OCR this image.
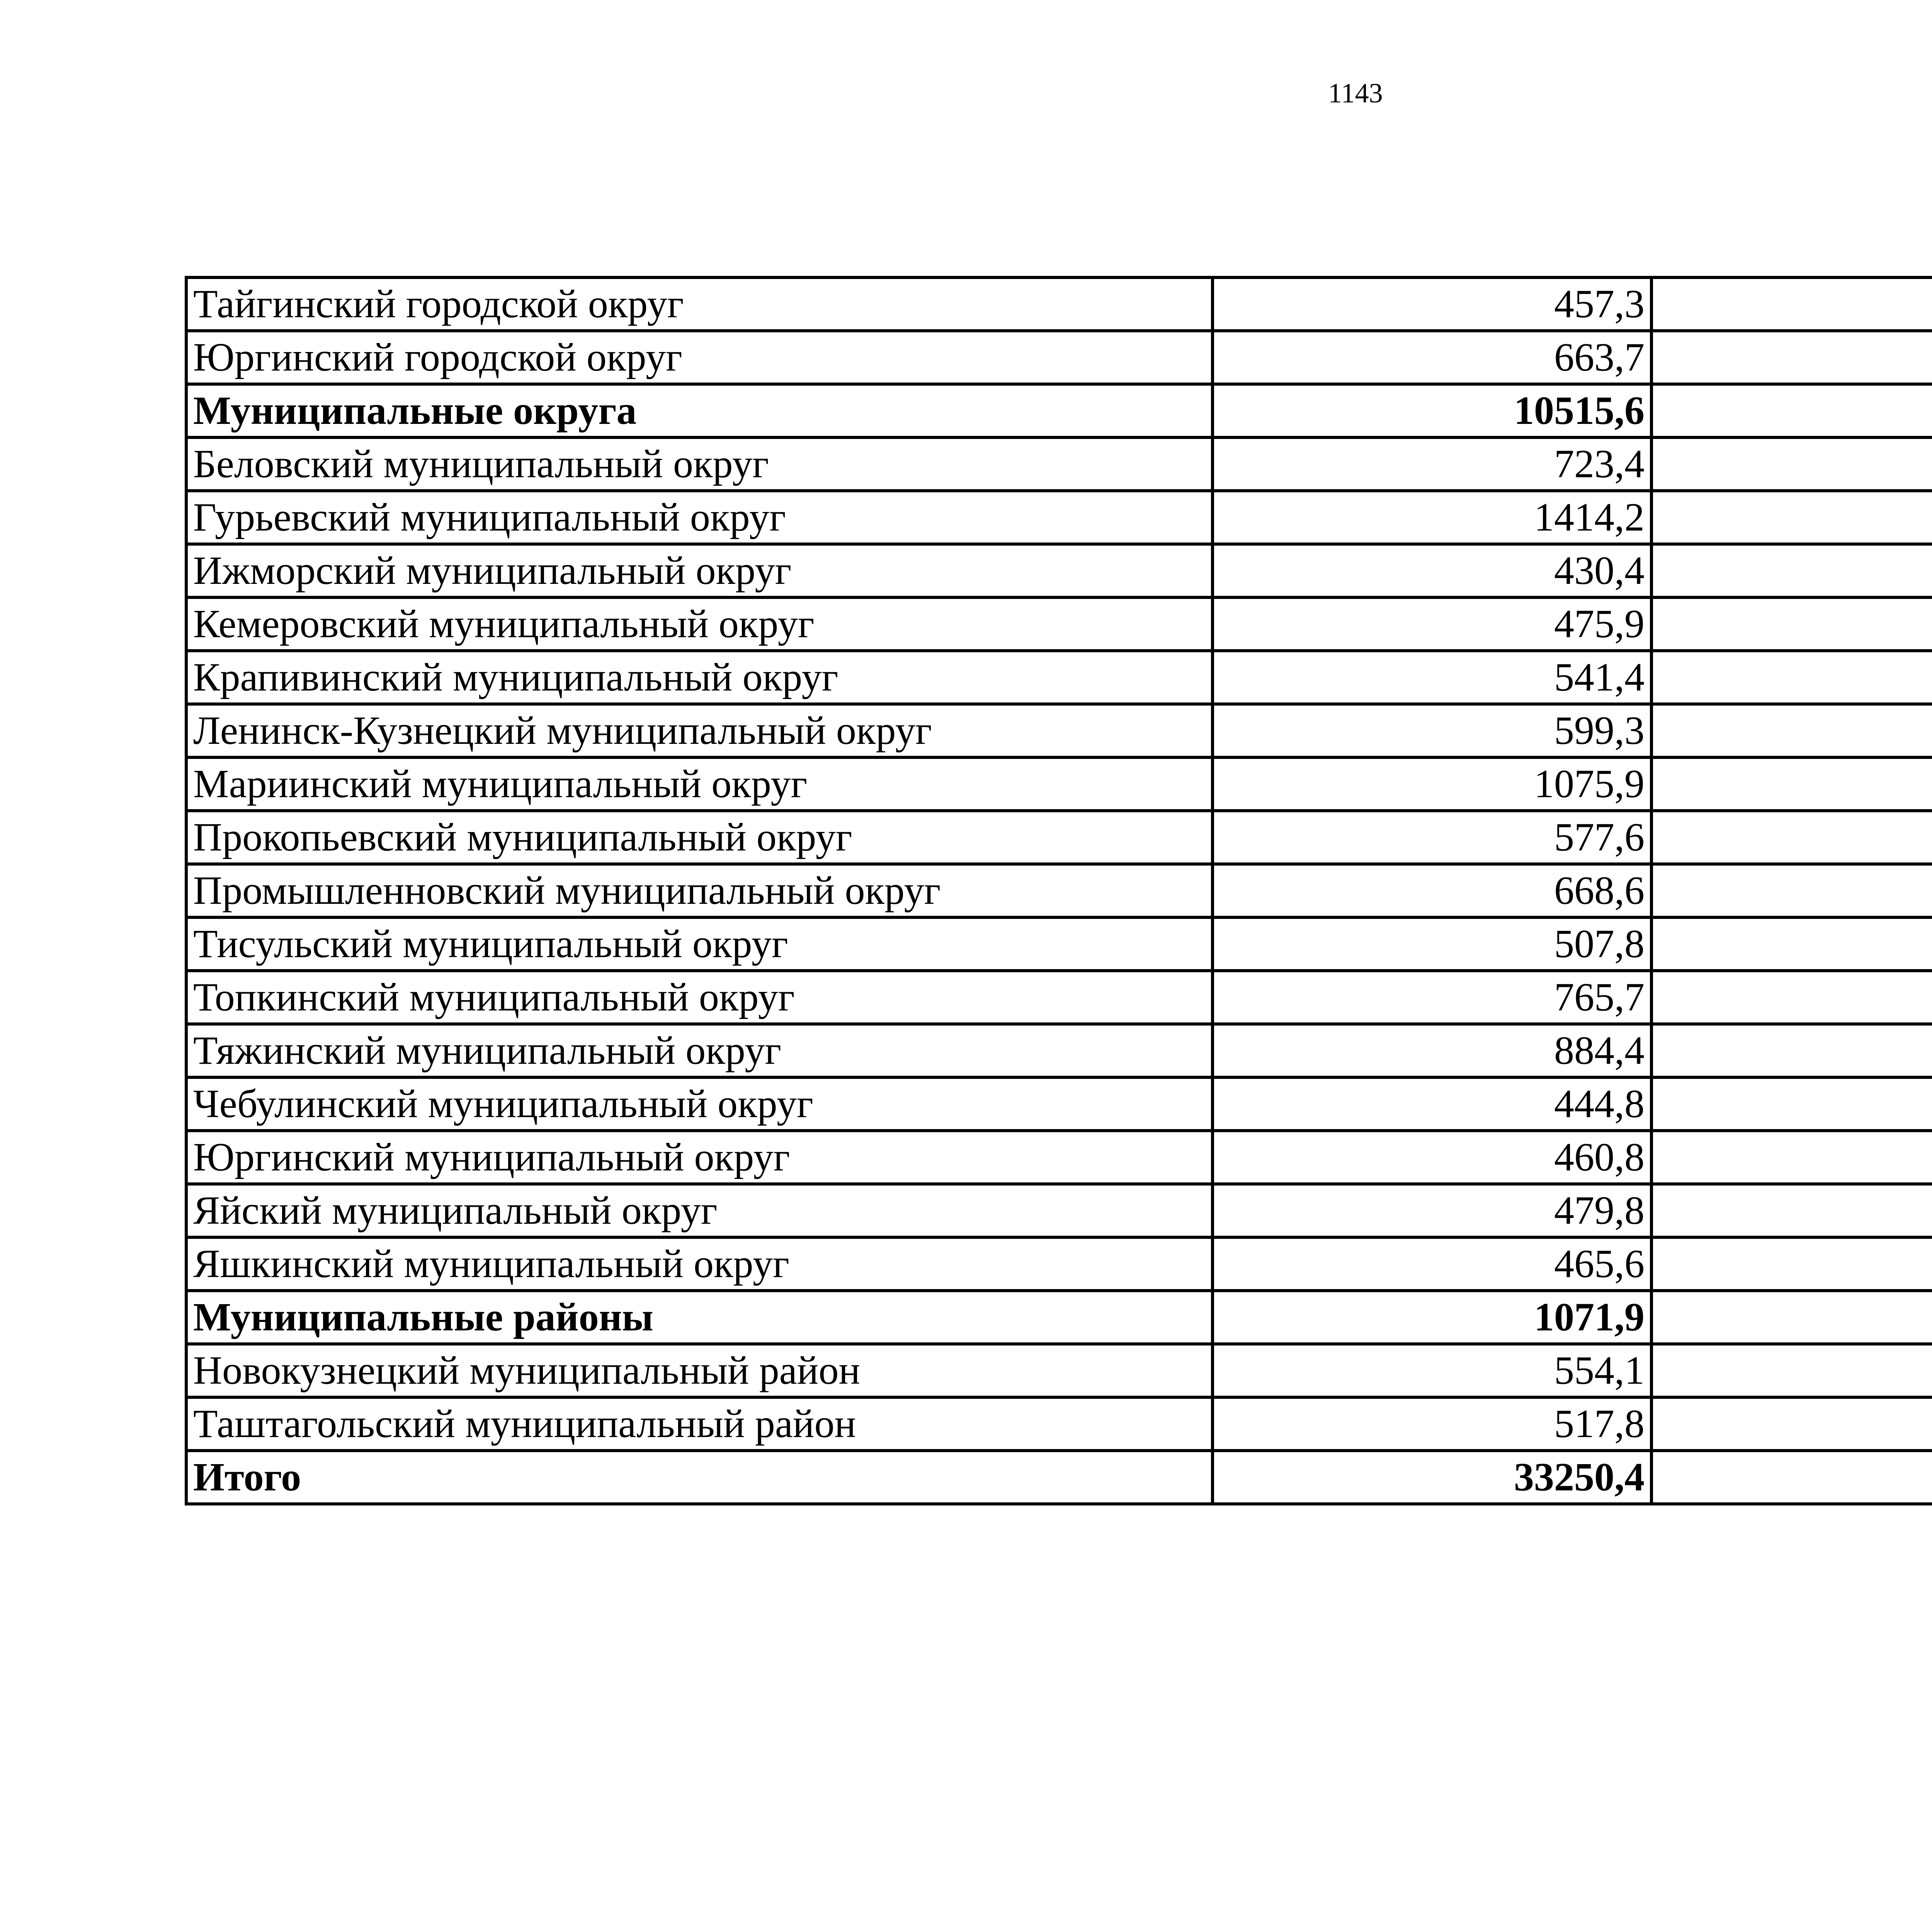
1143
Тайгинский городской округ	457,3		
Юргинский городской округ	663,7		
Муниципальные округа	10515,6		
Беловский муниципальный округ	723,4		
Гурьевский муниципальный округ	1414,2		
Ижморский муниципальный округ	430,4		
Кемеровский муниципальный округ	475,9		
Крапивинский муниципальный округ	541,4		
Ленинск-Кузнецкий муниципальный округ	599,3		
Мариинский муниципальный округ	1075,9		
Прокопьевский муниципальный округ	577,6		
Промышленновский муниципальный округ	668,6		
Тисульский муниципальный округ	507,8		
Топкинский муниципальный округ	765,7		
Тяжинский муниципальный округ	884,4		
Чебулинский муниципальный округ	444,8		
Юргинский муниципальный округ	460,8		
Яйский муниципальный округ	479,8		
Яшкинский муниципальный округ	465,6		
Муниципальные районы	1071,9		
Новокузнецкий муниципальный район	554,1		
Таштагольский муниципальный район	517,8		
Итого	33250,4		
